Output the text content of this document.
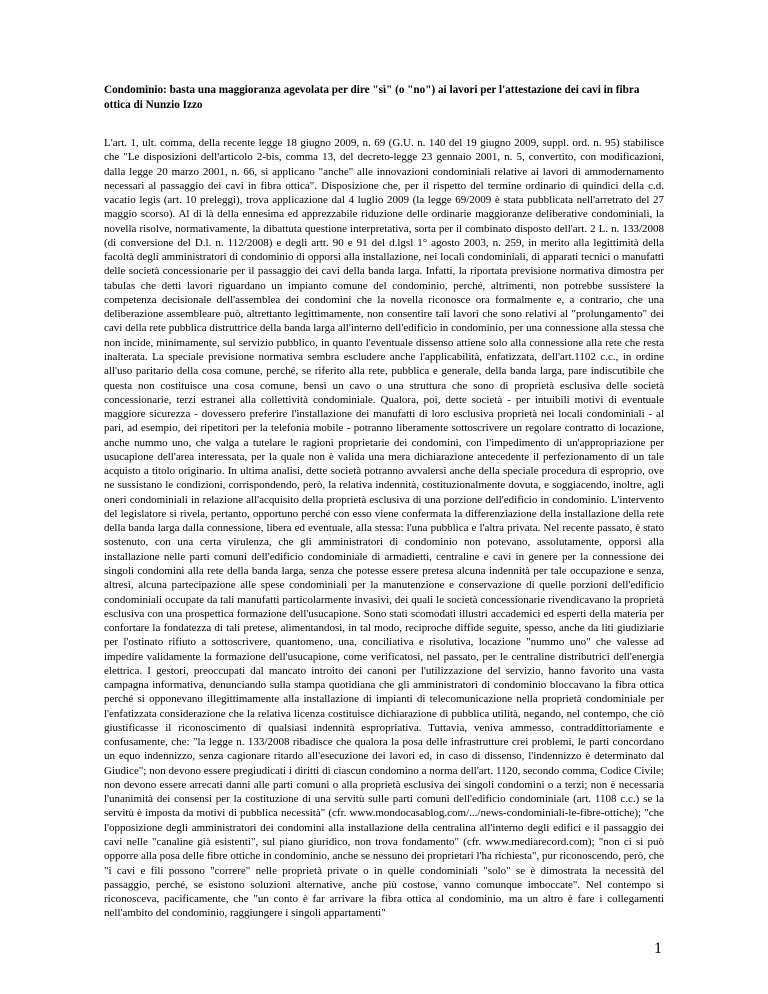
Condominio: basta una maggioranza agevolata per dire "sì" (o "no") ai lavori per l'attestazione dei cavi in fibra ottica di Nunzio Izzo

L'art. 1, ult. comma, della recente legge 18 giugno 2009, n. 69 (G.U. n. 140 del 19 giugno 2009, suppl. ord. n. 95) stabilisce che "Le disposizioni dell'articolo 2-bis, comma 13, del decreto-legge 23 gennaio 2001, n. 5, convertito, con modificazioni, dalla legge 20 marzo 2001, n. 66, si applicano "anche" alle innovazioni condominiali relative ai lavori di ammodernamento necessari al passaggio dei cavi in fibra ottica". Disposizione che, per il rispetto del termine ordinario di quindici della c.d. vacatio legis (art. 10 preleggi), trova applicazione dal 4 luglio 2009 (la legge 69/2009 è stata pubblicata nell'arretrato del 27 maggio scorso). Al di là della ennesima ed apprezzabile riduzione delle ordinarie maggioranze deliberative condominiali, la novella risolve, normativamente, la dibattuta questione interpretativa, sorta per il combinato disposto dell'art. 2 L. n. 133/2008 (di conversione del D.l. n. 112/2008) e degli artt. 90 e 91 del d.lgsl 1° agosto 2003, n. 259, in merito alla legittimità della facoltà degli amministratori di condominio di opporsi alla installazione, nei locali condominiali, di apparati tecnici o manufatti delle società concessionarie per il passaggio dei cavi della banda larga. Infatti, la riportata previsione normativa dimostra per tabulas che detti lavori riguardano un impianto comune del condominio, perché, altrimenti, non potrebbe sussistere la competenza decisionale dell'assemblea dei condomini che la novella riconosce ora formalmente e, a contrario, che una deliberazione assembleare può, altrettanto legittimamente, non consentire tali lavori che sono relativi al "prolungamento" dei cavi della rete pubblica distruttrice della banda larga all'interno dell'edificio in condominio, per una connessione alla stessa che non incide, minimamente, sul servizio pubblico, in quanto l'eventuale dissenso attiene solo alla connessione alla rete che resta inalterata. La speciale previsione normativa sembra escludere anche l'applicabilità, enfatizzata, dell'art.1102 c.c., in ordine all'uso paritario della cosa comune, perché, se riferito alla rete, pubblica e generale, della banda larga, pare indiscutibile che questa non costituisce una cosa comune, bensì un cavo o una struttura che sono di proprietà esclusiva delle società concessionarie, terzi estranei alla collettività condominiale. Qualora, poi, dette società - per intuibili motivi di eventuale maggiore sicurezza - dovessero preferire l'installazione dei manufatti di loro esclusiva proprietà nei locali condominiali - al pari, ad esempio, dei ripetitori per la telefonia mobile - potranno liberamente sottoscrivere un regolare contratto di locazione, anche nummo uno, che valga a tutelare le ragioni proprietarie dei condomini, con l'impedimento di un'appropriazione per usucapione dell'area interessata, per la quale non è valida una mera dichiarazione antecedente il perfezionamento di un tale acquisto a titolo originario. In ultima analisi, dette società potranno avvalersi anche della speciale procedura di esproprio, ove ne sussistano le condizioni, corrispondendo, però, la relativa indennità, costituzionalmente dovuta, e soggiacendo, inoltre, agli oneri condominiali in relazione all'acquisito della proprietà esclusiva di una porzione dell'edificio in condominio. L'intervento del legislatore si rivela, pertanto, opportuno perché con esso viene confermata la differenziazione della installazione della rete della banda larga dalla connessione, libera ed eventuale, alla stessa: l'una pubblica e l'altra privata. Nel recente passato, è stato sostenuto, con una certa virulenza, che gli amministratori di condominio non potevano, assolutamente, opporsi alla installazione nelle parti comuni dell'edificio condominiale di armadietti, centraline e cavi in genere per la connessione dei singoli condomini alla rete della banda larga, senza che potesse essere pretesa alcuna indennità per tale occupazione e senza, altresì, alcuna partecipazione alle spese condominiali per la manutenzione e conservazione di quelle porzioni dell'edificio condominiali occupate da tali manufatti particolarmente invasivi, dei quali le società concessionarie rivendicavano la proprietà esclusiva con una prospettica formazione dell'usucapione. Sono stati scomodati illustri accademici ed esperti della materia per confortare la fondatezza di tali pretese, alimentandosi, in tal modo, reciproche diffide seguite, spesso, anche da liti giudiziarie per l'ostinato rifiuto a sottoscrivere, quantomeno, una, conciliativa e risolutiva, locazione "nummo uno" che valesse ad impedire validamente la formazione dell'usucapione, come verificatosi, nel passato, per le centraline distributrici dell'energia elettrica. I gestori, preoccupati dal mancato introito dei canoni per l'utilizzazione del servizio, hanno favorito una vasta campagna informativa, denunciando sulla stampa quotidiana che gli amministratori di condominio bloccavano la fibra ottica perché si opponevano illegittimamente alla installazione di impianti di telecomunicazione nella proprietà condominiale per l'enfatizzata considerazione che la relativa licenza costituisce dichiarazione di pubblica utilità, negando, nel contempo, che ciò giustificasse il riconoscimento di qualsiasi indennità espropriativa. Tuttavia, veniva ammesso, contraddittoriamente e confusamente, che: "la legge n. 133/2008 ribadisce che qualora la posa delle infrastrutture crei problemi, le parti concordano un equo indennizzo, senza cagionare ritardo all'esecuzione dei lavori ed, in caso di dissenso, l'indennizzo è determinato dal Giudice"; non devono essere pregiudicati i diritti di ciascun condomino a norma dell'art. 1120, secondo comma, Codice Civile; non devono essere arrecati danni alle parti comuni o alla proprietà esclusiva dei singoli condomini o a terzi; non è necessaria l'unanimità dei consensi per la costituzione di una servitù sulle parti comuni dell'edificio condominiale (art. 1108 c.c.) se la servitù è imposta da motivi di pubblica necessità" (cfr. www.mondocasablog.com/.../news-condominiali-le-fibre-ottiche); "che l'opposizione degli amministratori dei condomini alla installazione della centralina all'interno degli edifici e il passaggio dei cavi nelle "canaline già esistenti", sul piano giuridico, non trova fondamento" (cfr. www.mediarecord.com); "non ci si può opporre alla posa delle fibre ottiche in condominio, anche se nessuno dei proprietari l'ha richiesta", pur riconoscendo, però, che "i cavi e fili possono "correre" nelle proprietà private o in quelle condominiali "solo" se è dimostrata la necessità del passaggio, perché, se esistono soluzioni alternative, anche più costose, vanno comunque imboccate". Nel contempo si riconosceva, pacificamente, che "un conto è far arrivare la fibra ottica al condominio, ma un altro è fare i collegamenti nell'ambito del condominio, raggiungere i singoli appartamenti"

1
